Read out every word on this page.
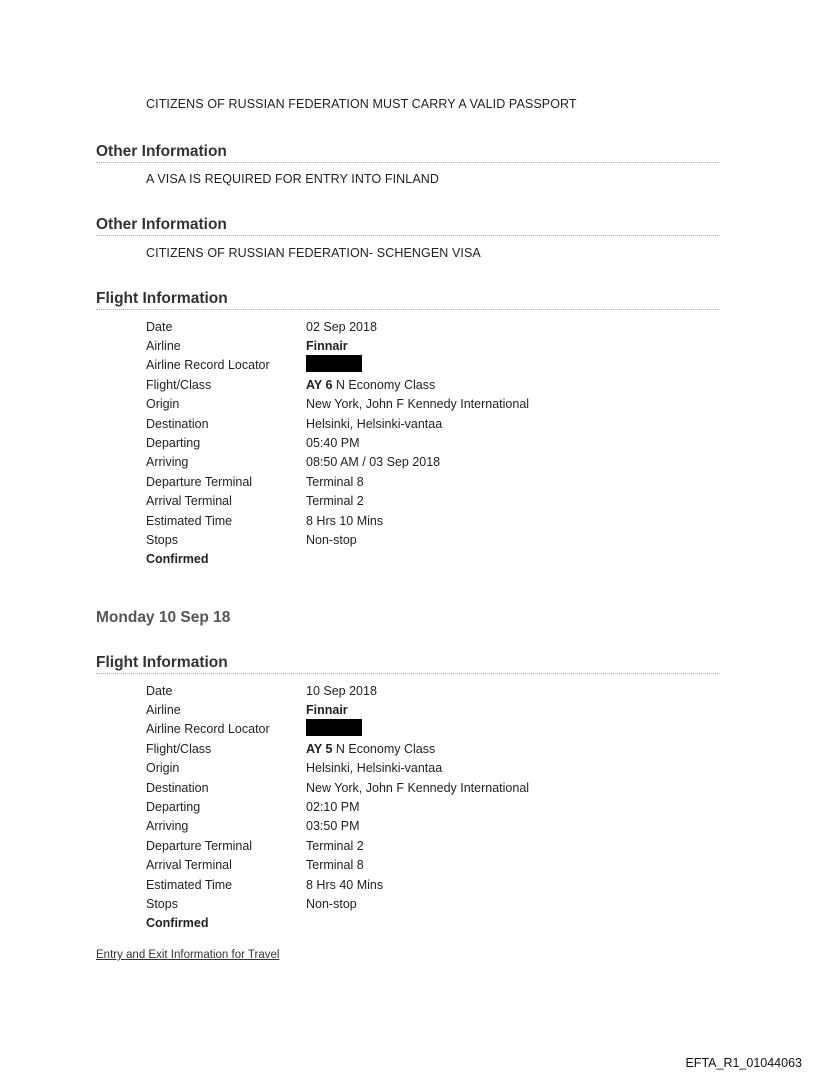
CITIZENS OF RUSSIAN FEDERATION MUST CARRY A VALID PASSPORT
Other Information
A VISA IS REQUIRED FOR ENTRY INTO FINLAND
Other Information
CITIZENS OF RUSSIAN FEDERATION- SCHENGEN VISA
Flight Information
Date	02 Sep 2018
Airline	Finnair
Airline Record Locator
Flight/Class	AY 6 N Economy Class
Origin	New York, John F Kennedy International
Destination	Helsinki, Helsinki-vantaa
Departing	05:40 PM
Arriving	08:50 AM / 03 Sep 2018
Departure Terminal	Terminal 8
Arrival Terminal	Terminal 2
Estimated Time	8 Hrs 10 Mins
Stops	Non-stop
Confirmed
Monday 10 Sep 18
Flight Information
Date	10 Sep 2018
Airline	Finnair
Airline Record Locator
Flight/Class	AY 5 N Economy Class
Origin	Helsinki, Helsinki-vantaa
Destination	New York, John F Kennedy International
Departing	02:10 PM
Arriving	03:50 PM
Departure Terminal	Terminal 2
Arrival Terminal	Terminal 8
Estimated Time	8 Hrs 40 Mins
Stops	Non-stop
Confirmed
Entry and Exit Information for Travel
EFTA_R1_01044063
